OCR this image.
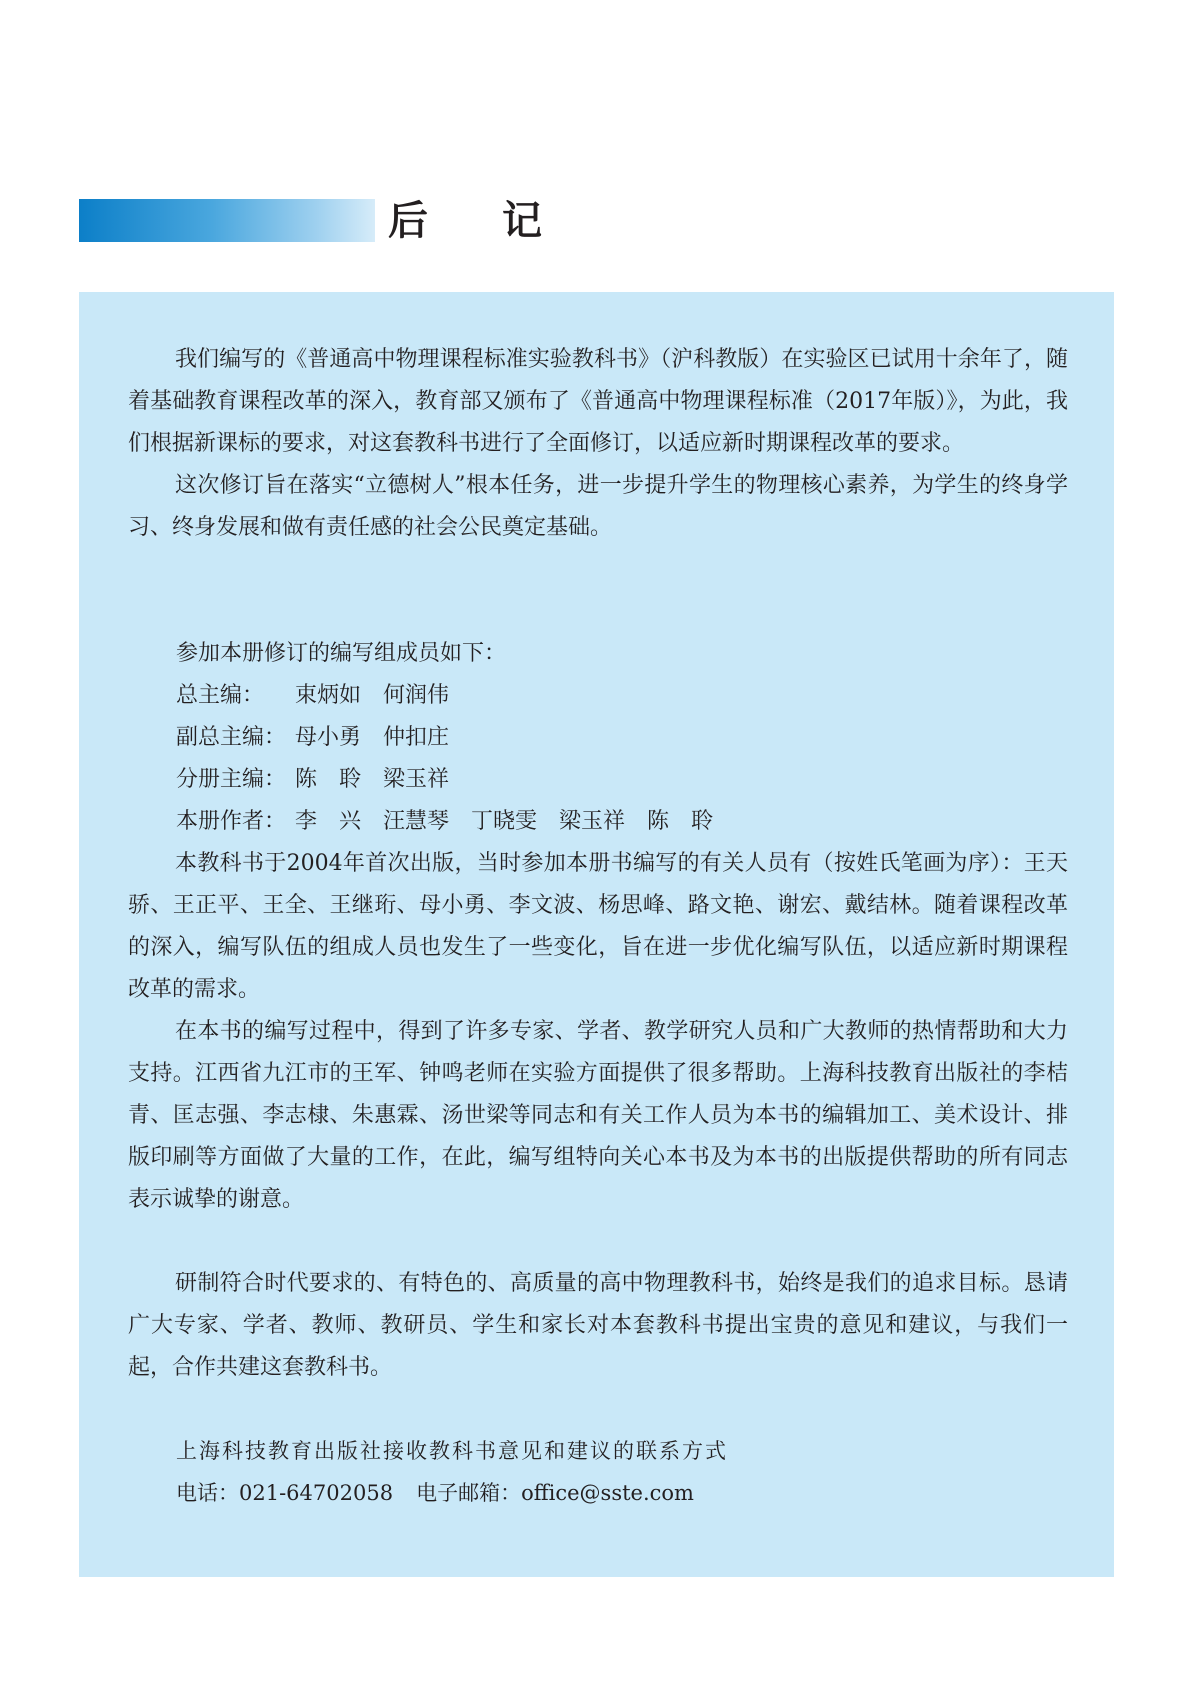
后记

我们编写的《普通高中物理课程标准实验教科书》（沪科教版）在实验区已试用十余年了，随着基础教育课程改革的深入，教育部又颁布了《普通高中物理课程标准（2017年版）》，为此，我们根据新课标的要求，对这套教科书进行了全面修订，以适应新时期课程改革的要求。

这次修订旨在落实“立德树人”根本任务，进一步提升学生的物理核心素养，为学生的终身学习、终身发展和做有责任感的社会公民奠定基础。

参加本册修订的编写组成员如下：
总主编： 束炳如　何润伟
副总主编： 母小勇　仲扣庄
分册主编： 陈　聆　梁玉祥
本册作者： 李　兴　汪慧琴　丁晓雯　梁玉祥　陈　聆

本教科书于2004年首次出版，当时参加本册书编写的有关人员有（按姓氏笔画为序）：王天骄、王正平、王全、王继珩、母小勇、李文波、杨思峰、路文艳、谢宏、戴结林。随着课程改革的深入，编写队伍的组成人员也发生了一些变化，旨在进一步优化编写队伍，以适应新时期课程改革的需求。

在本书的编写过程中，得到了许多专家、学者、教学研究人员和广大教师的热情帮助和大力支持。江西省九江市的王军、钟鸣老师在实验方面提供了很多帮助。上海科技教育出版社的李桔青、匡志强、李志棣、朱惠霖、汤世梁等同志和有关工作人员为本书的编辑加工、美术设计、排版印刷等方面做了大量的工作，在此，编写组特向关心本书及为本书的出版提供帮助的所有同志表示诚挚的谢意。

研制符合时代要求的、有特色的、高质量的高中物理教科书，始终是我们的追求目标。恳请广大专家、学者、教师、教研员、学生和家长对本套教科书提出宝贵的意见和建议，与我们一起，合作共建这套教科书。

上海科技教育出版社接收教科书意见和建议的联系方式
电话：021-64702058　 电子邮箱：office@sste.com
